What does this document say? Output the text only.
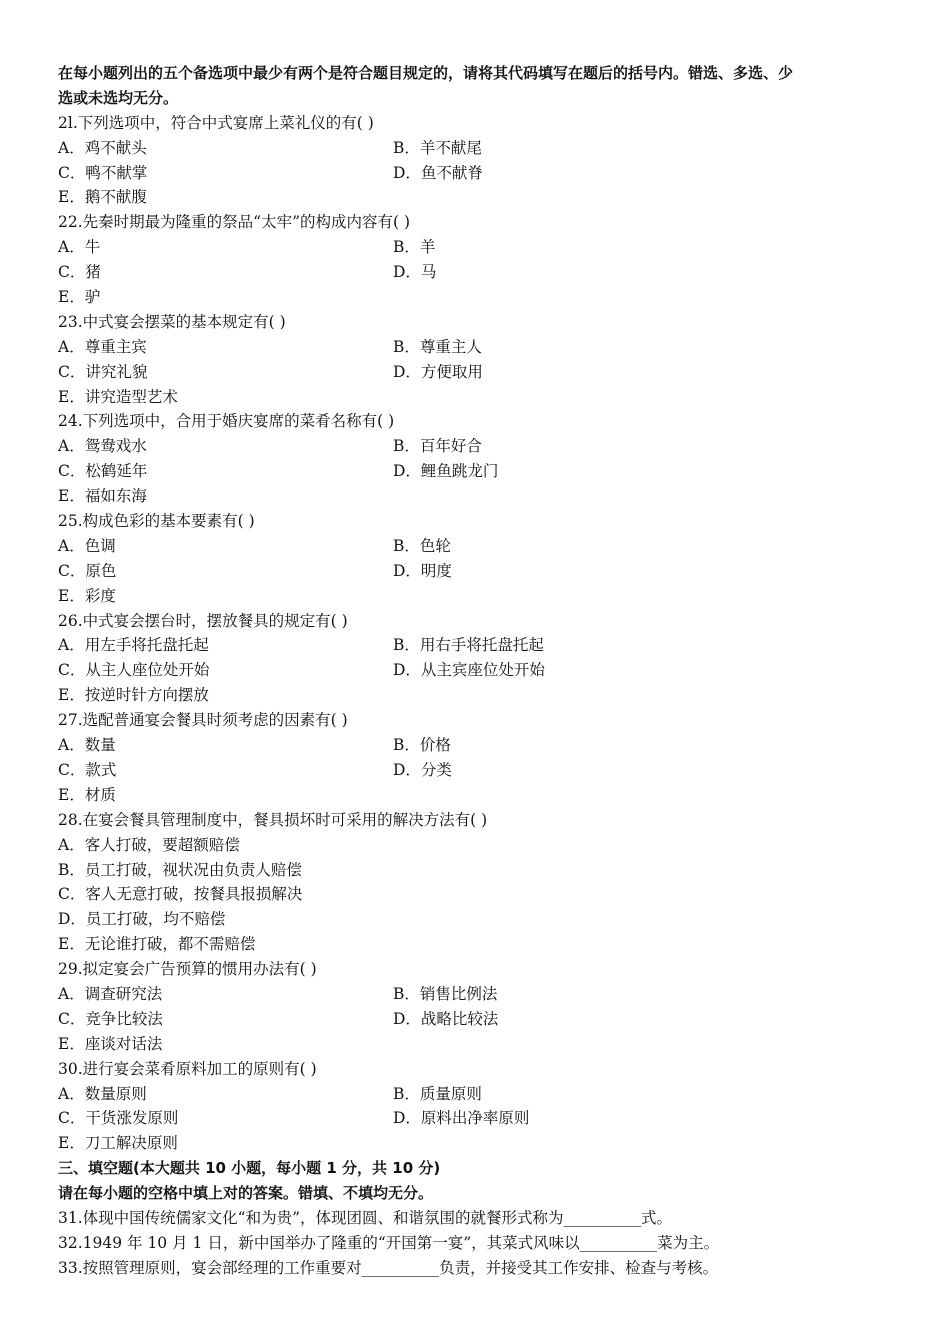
在每小题列出的五个备选项中最少有两个是符合题目规定的，请将其代码填写在题后的括号内。错选、多选、少
选或未选均无分。
2l.下列选项中，符合中式宴席上菜礼仪的有( )
A．鸡不献头	B．羊不献尾
C．鸭不献掌	D．鱼不献脊
E．鹅不献腹
22.先秦时期最为隆重的祭品“太牢”的构成内容有( )
A．牛	B．羊
C．猪	D．马
E．驴
23.中式宴会摆菜的基本规定有( )
A．尊重主宾	B．尊重主人
C．讲究礼貌	D．方便取用
E．讲究造型艺术
24.下列选项中，合用于婚庆宴席的菜肴名称有( )
A．鸳鸯戏水	B．百年好合
C．松鹤延年	D．鲤鱼跳龙门
E．福如东海
25.构成色彩的基本要素有( )
A．色调	B．色轮
C．原色	D．明度
E．彩度
26.中式宴会摆台时，摆放餐具的规定有( )
A．用左手将托盘托起	B．用右手将托盘托起
C．从主人座位处开始	D．从主宾座位处开始
E．按逆时针方向摆放
27.选配普通宴会餐具时须考虑的因素有( )
A．数量	B．价格
C．款式	D．分类
E．材质
28.在宴会餐具管理制度中，餐具损坏时可采用的解决方法有( )
A．客人打破，要超额赔偿
B．员工打破，视状况由负责人赔偿
C．客人无意打破，按餐具报损解决
D．员工打破，均不赔偿
E．无论谁打破，都不需赔偿
29.拟定宴会广告预算的惯用办法有( )
A．调查研究法	B．销售比例法
C．竞争比较法	D．战略比较法
E．座谈对话法
30.进行宴会菜肴原料加工的原则有( )
A．数量原则	B．质量原则
C．干货涨发原则	D．原料出净率原则
E．刀工解决原则
三、填空题(本大题共 10 小题，每小题 1 分，共 10 分)
请在每小题的空格中填上对的答案。错填、不填均无分。
31.体现中国传统儒家文化“和为贵”，体现团圆、和谐氛围的就餐形式称为__________式。
32.1949 年 10 月 1 日，新中国举办了隆重的“开国第一宴”，其菜式风味以__________菜为主。
33.按照管理原则，宴会部经理的工作重要对__________负责，并接受其工作安排、检查与考核。
